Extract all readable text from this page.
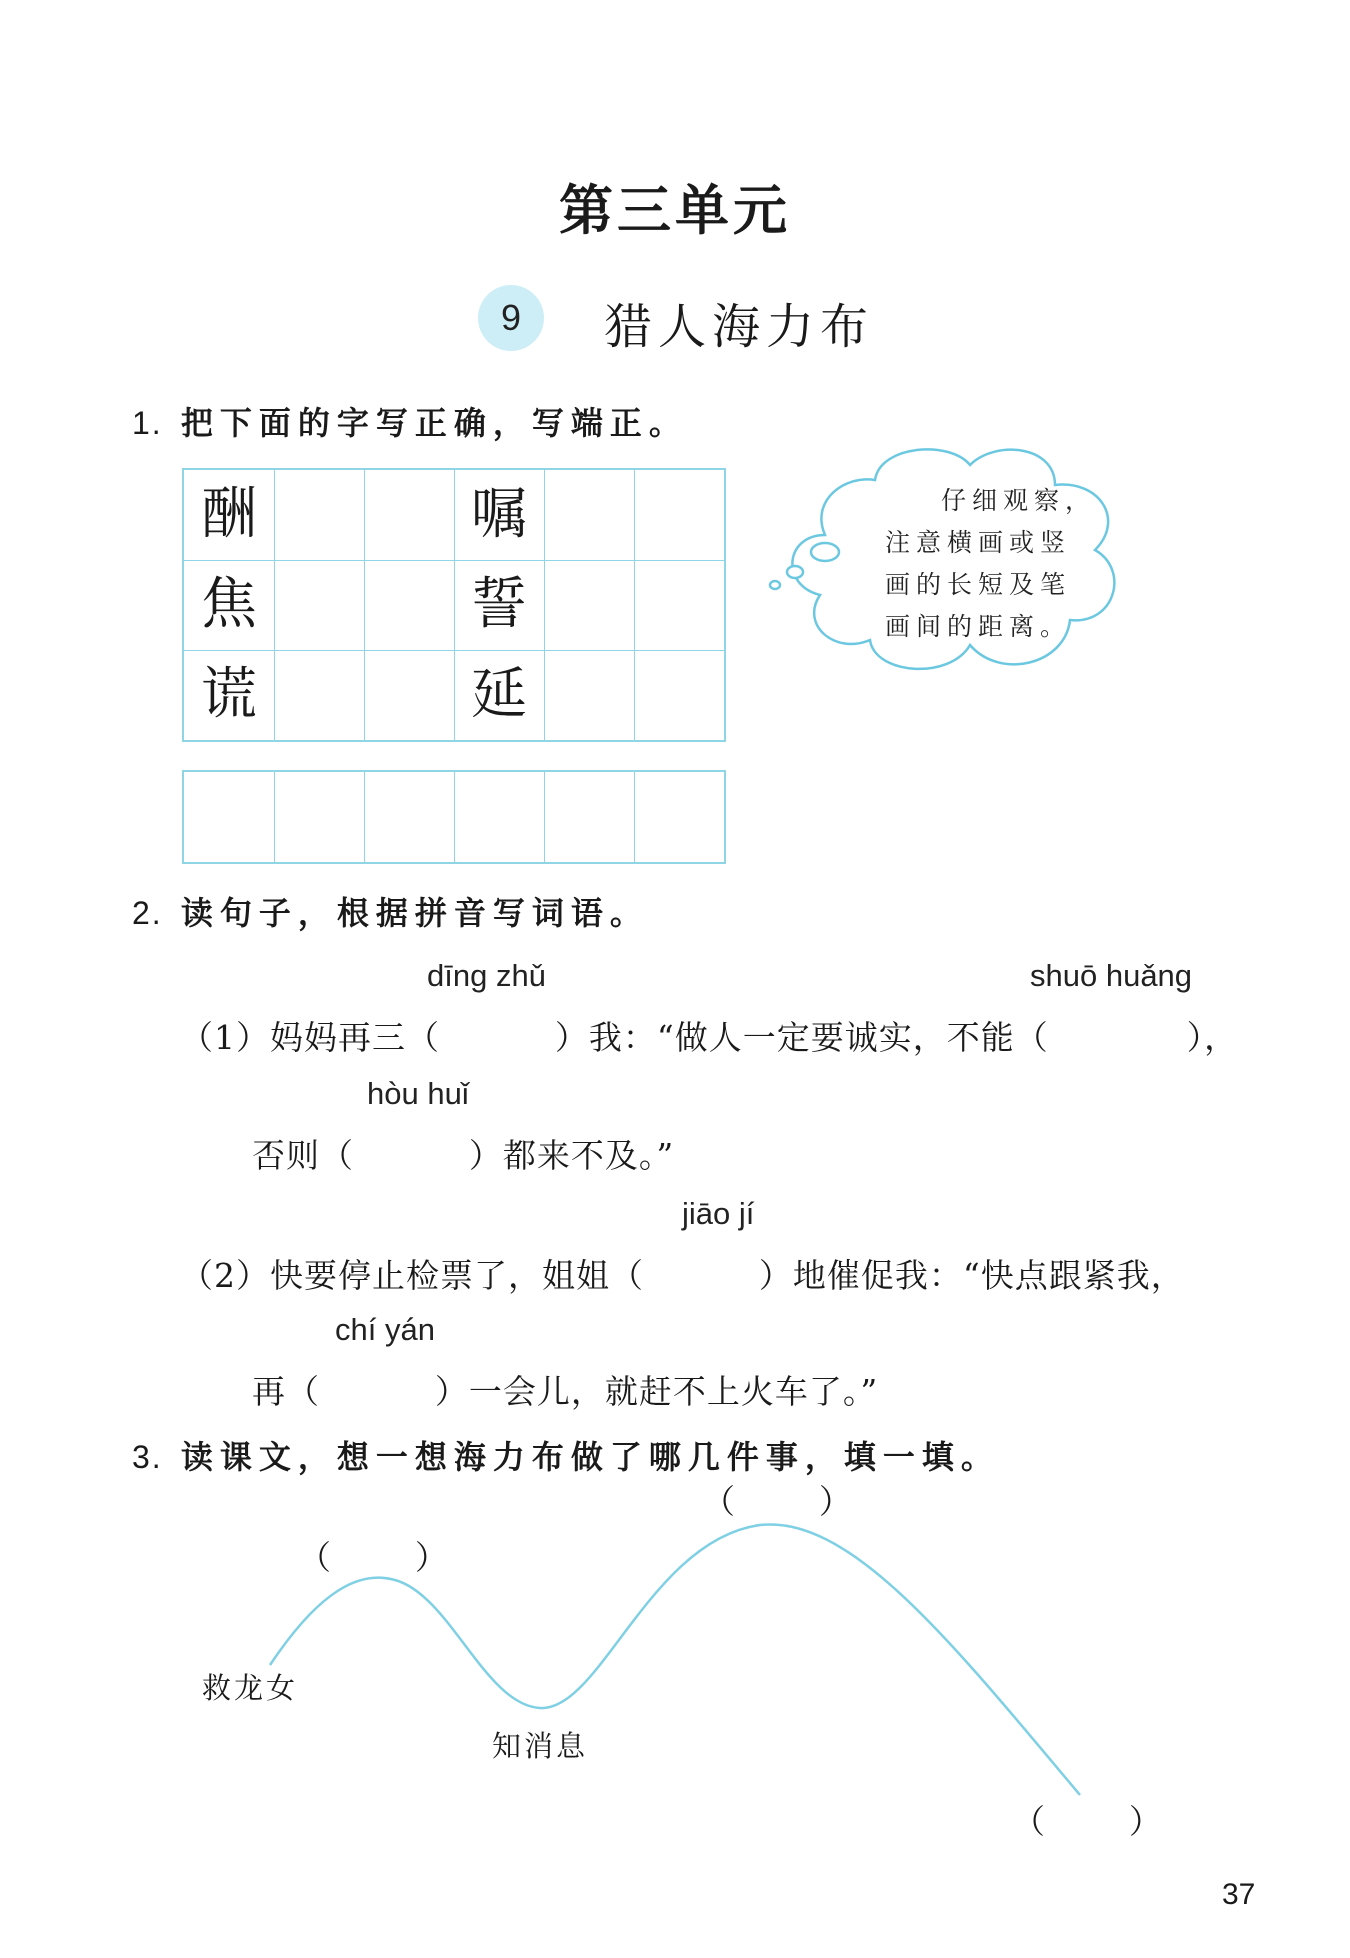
第三单元
9	猎人海力布
1. 把下面的字写正确，写端正。
酬
焦
谎
嘱
誓
延
仔细观察，
注意横画或竖
画的长短及笔
画间的距离。
2. 读句子，根据拼音写词语。
dīng zhǔ	shuō huǎng
（1）妈妈再三（	）我：“做人一定要诚实，不能（	），
hòu huǐ
否则（	）都来不及。”
jiāo jí
（2）快要停止检票了，姐姐（	）地催促我：“快点跟紧我，
chí yán
再（	）一会儿，就赶不上火车了。”
3. 读课文，想一想海力布做了哪几件事，填一填。
（	）
（	）
（	）
救龙女
知消息
37
